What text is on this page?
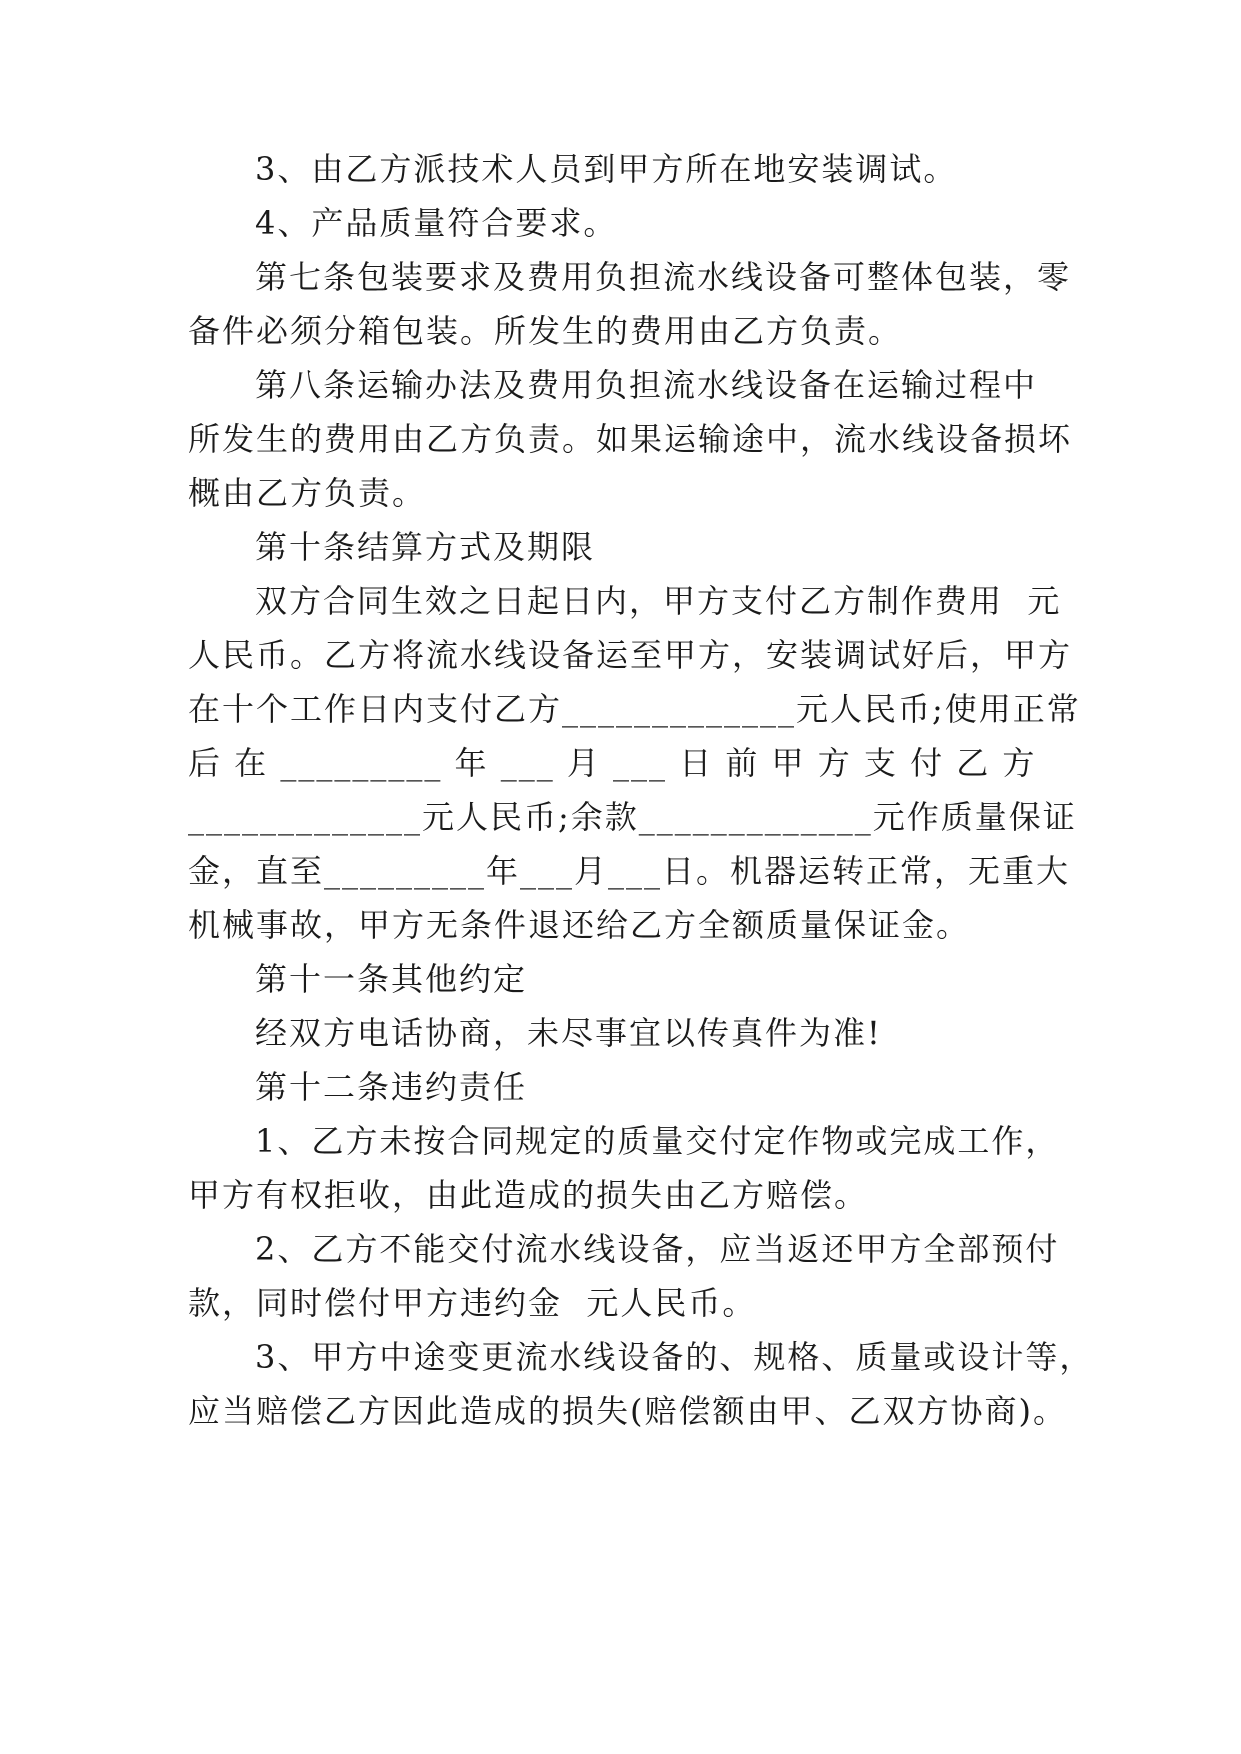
3、由乙方派技术人员到甲方所在地安装调试。
4、产品质量符合要求。
第七条包装要求及费用负担流水线设备可整体包装，零
备件必须分箱包装。所发生的费用由乙方负责。
第八条运输办法及费用负担流水线设备在运输过程中
所发生的费用由乙方负责。如果运输途中，流水线设备损坏
概由乙方负责。
第十条结算方式及期限
双方合同生效之日起日内，甲方支付乙方制作费用  元
人民币。乙方将流水线设备运至甲方，安装调试好后，甲方
在十个工作日内支付乙方_____________元人民币;使用正常
后 在 _________ 年 ___ 月 ___ 日 前 甲 方 支 付 乙 方
_____________元人民币;余款_____________元作质量保证
金，直至_________年___月___日。机器运转正常，无重大
机械事故，甲方无条件退还给乙方全额质量保证金。
第十一条其他约定
经双方电话协商，未尽事宜以传真件为准!
第十二条违约责任
1、乙方未按合同规定的质量交付定作物或完成工作，
甲方有权拒收，由此造成的损失由乙方赔偿。
2、乙方不能交付流水线设备，应当返还甲方全部预付
款，同时偿付甲方违约金  元人民币。
3、甲方中途变更流水线设备的、规格、质量或设计等，
应当赔偿乙方因此造成的损失(赔偿额由甲、乙双方协商)。
